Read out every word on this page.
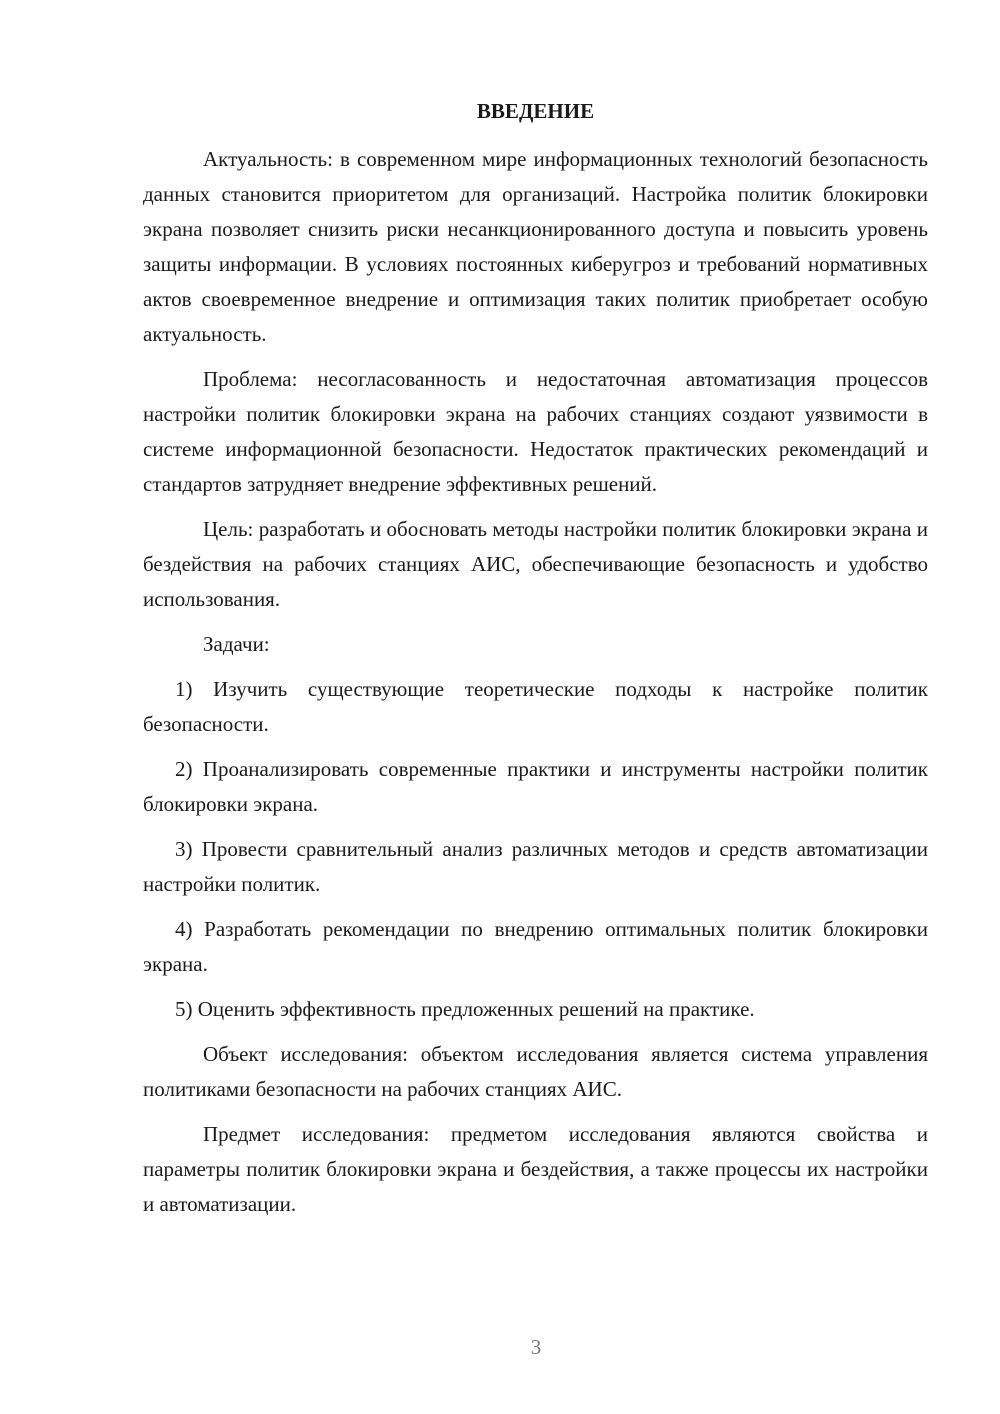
ВВЕДЕНИЕ

Актуальность: в современном мире информационных технологий безопасность данных становится приоритетом для организаций. Настройка политик блокировки экрана позволяет снизить риски несанкционированного доступа и повысить уровень защиты информации. В условиях постоянных киберугроз и требований нормативных актов своевременное внедрение и оптимизация таких политик приобретает особую актуальность.

Проблема: несогласованность и недостаточная автоматизация процессов настройки политик блокировки экрана на рабочих станциях создают уязвимости в системе информационной безопасности. Недостаток практических рекомендаций и стандартов затрудняет внедрение эффективных решений.

Цель: разработать и обосновать методы настройки политик блокировки экрана и бездействия на рабочих станциях АИС, обеспечивающие безопасность и удобство использования.

Задачи:

1) Изучить существующие теоретические подходы к настройке политик безопасности.

2) Проанализировать современные практики и инструменты настройки политик блокировки экрана.

3) Провести сравнительный анализ различных методов и средств автоматизации настройки политик.

4) Разработать рекомендации по внедрению оптимальных политик блокировки экрана.

5) Оценить эффективность предложенных решений на практике.

Объект исследования: объектом исследования является система управления политиками безопасности на рабочих станциях АИС.

Предмет исследования: предметом исследования являются свойства и параметры политик блокировки экрана и бездействия, а также процессы их настройки и автоматизации.

3
